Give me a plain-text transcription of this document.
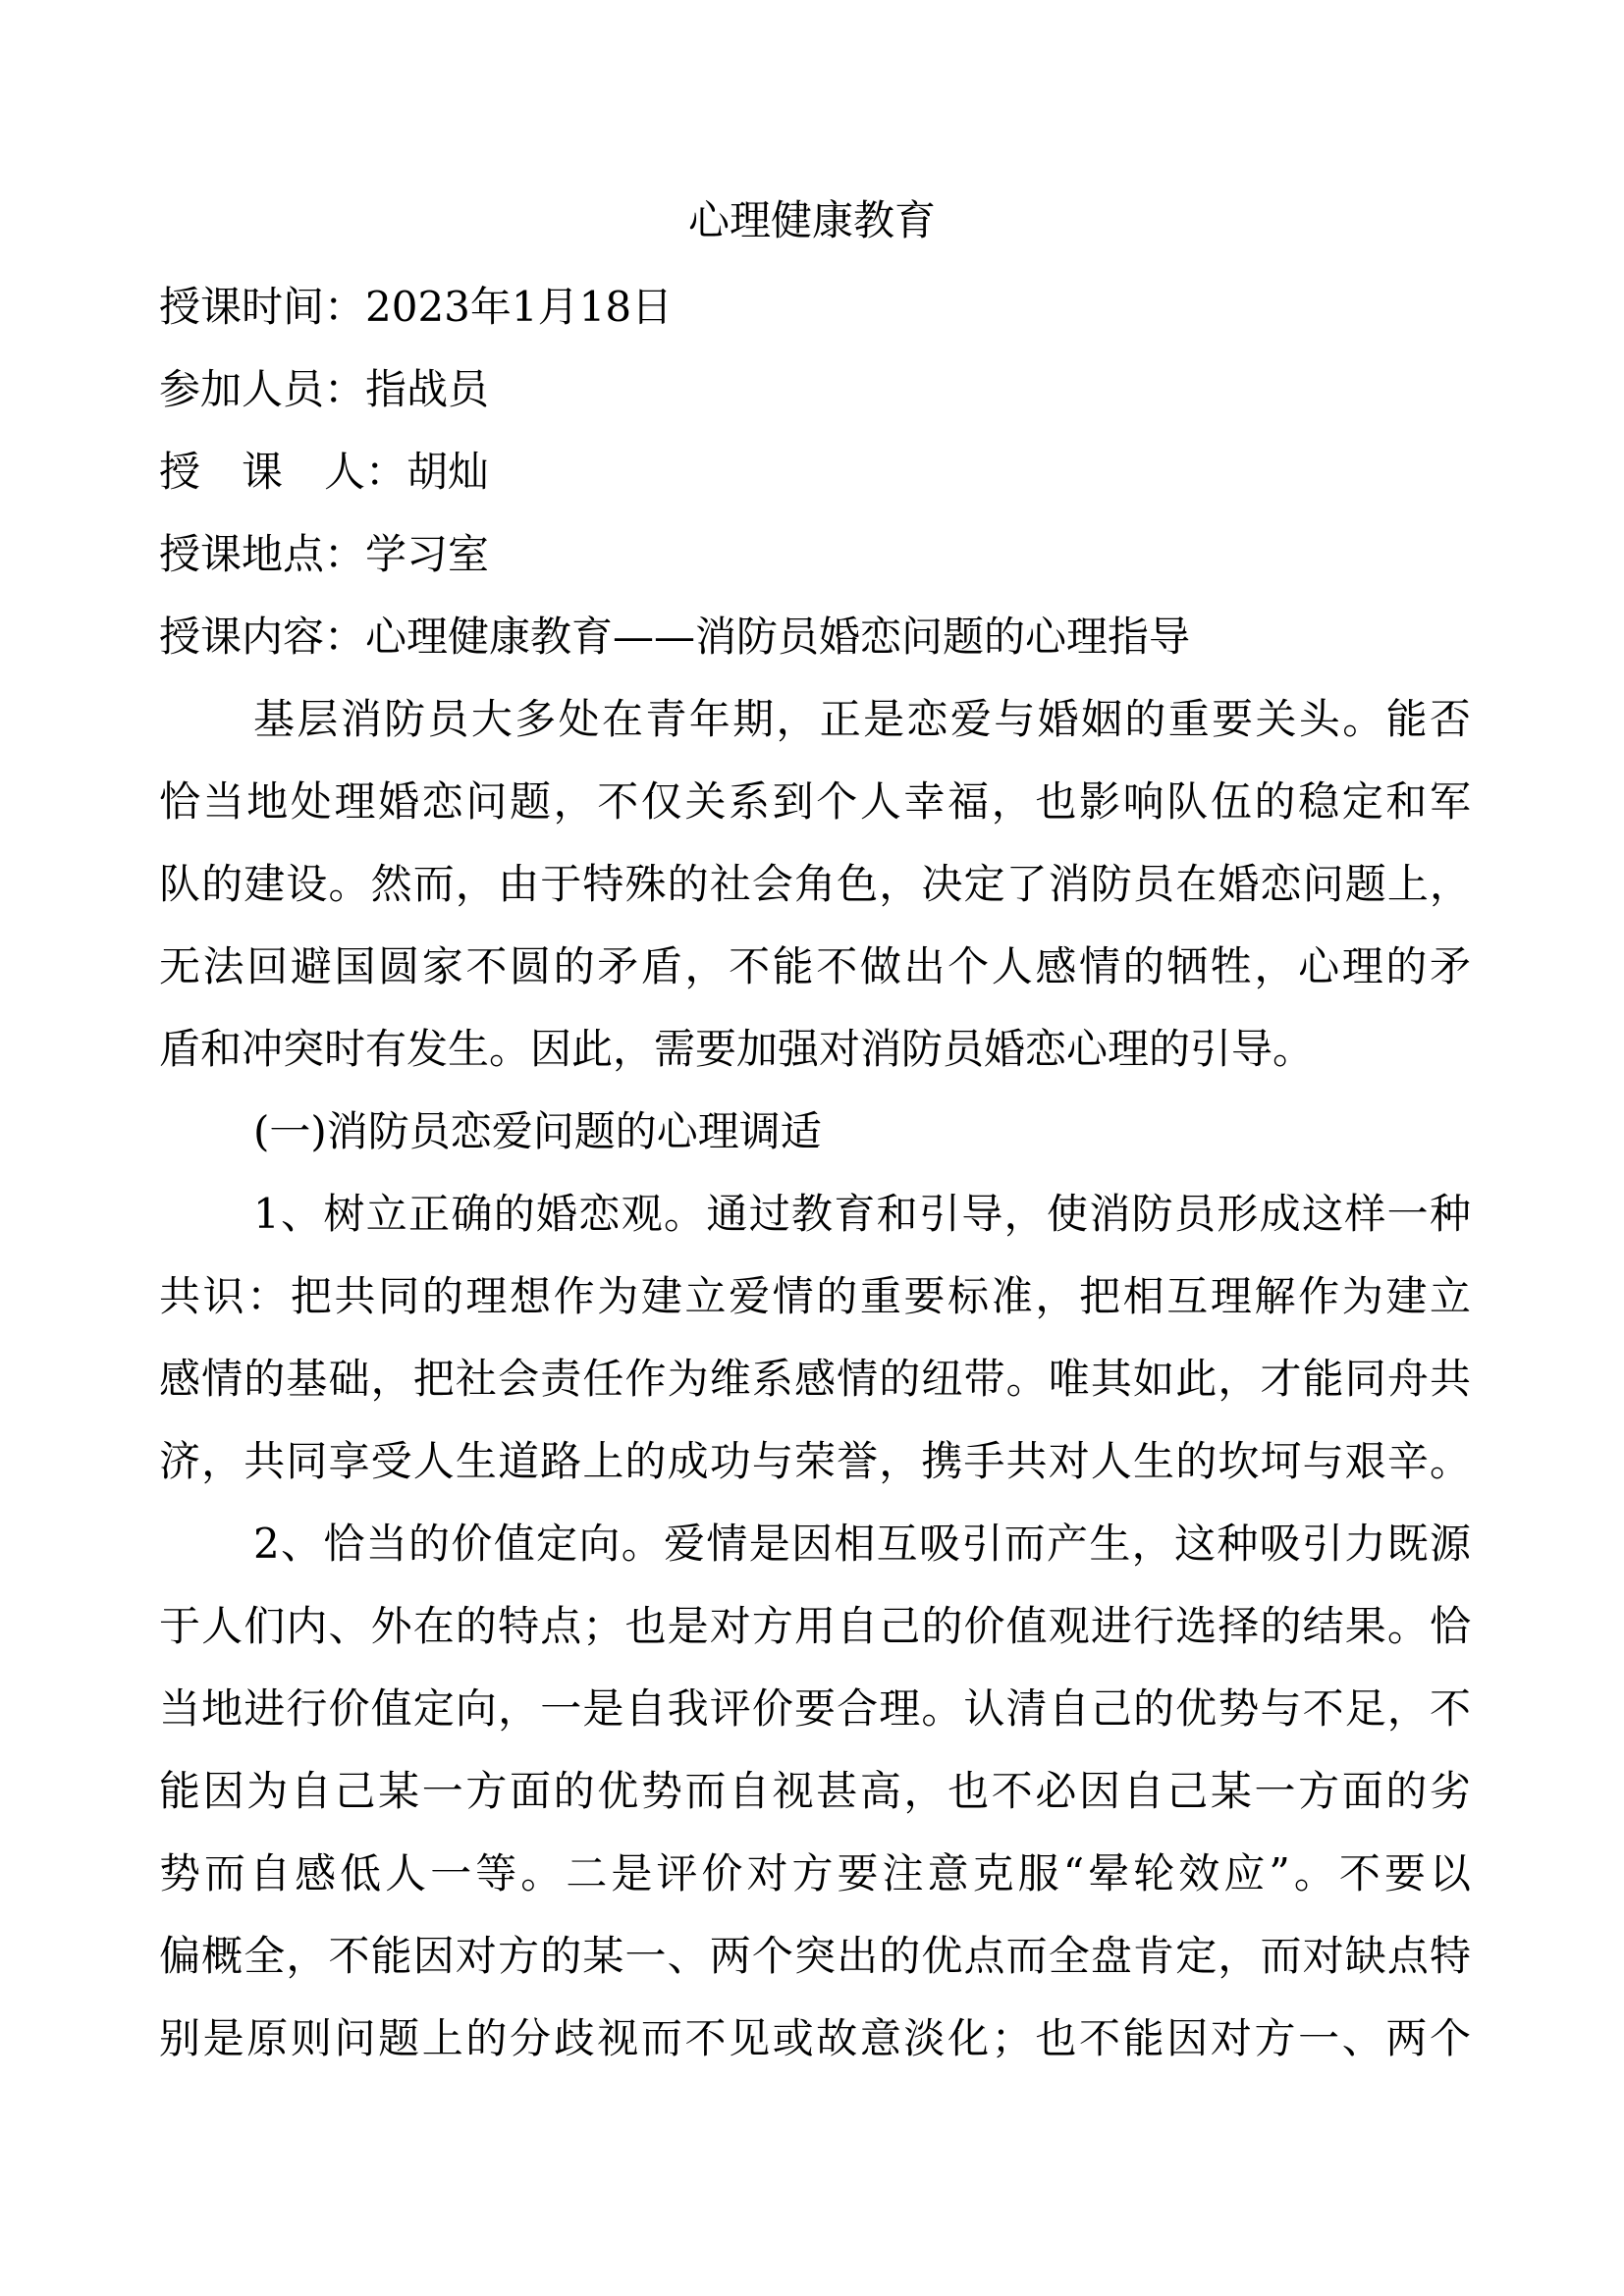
心理健康教育
授课时间：2023年1月18日
参加人员：指战员
授　课　人：胡灿
授课地点：学习室
授课内容：心理健康教育——消防员婚恋问题的心理指导
基层消防员大多处在青年期，正是恋爱与婚姻的重要关头。能否
恰当地处理婚恋问题，不仅关系到个人幸福，也影响队伍的稳定和军
队的建设。然而，由于特殊的社会角色，决定了消防员在婚恋问题上，
无法回避国圆家不圆的矛盾，不能不做出个人感情的牺牲，心理的矛
盾和冲突时有发生。因此，需要加强对消防员婚恋心理的引导。
(一)消防员恋爱问题的心理调适
1、树立正确的婚恋观。通过教育和引导，使消防员形成这样一种
共识：把共同的理想作为建立爱情的重要标准，把相互理解作为建立
感情的基础，把社会责任作为维系感情的纽带。唯其如此，才能同舟共
济，共同享受人生道路上的成功与荣誉，携手共对人生的坎坷与艰辛。
2、恰当的价值定向。爱情是因相互吸引而产生，这种吸引力既源
于人们内、外在的特点；也是对方用自己的价值观进行选择的结果。恰
当地进行价值定向，一是自我评价要合理。认清自己的优势与不足，不
能因为自己某一方面的优势而自视甚高，也不必因自己某一方面的劣
势而自感低人一等。二是评价对方要注意克服“晕轮效应”。不要以
偏概全，不能因对方的某一、两个突出的优点而全盘肯定，而对缺点特
别是原则问题上的分歧视而不见或故意淡化；也不能因对方一、两个
